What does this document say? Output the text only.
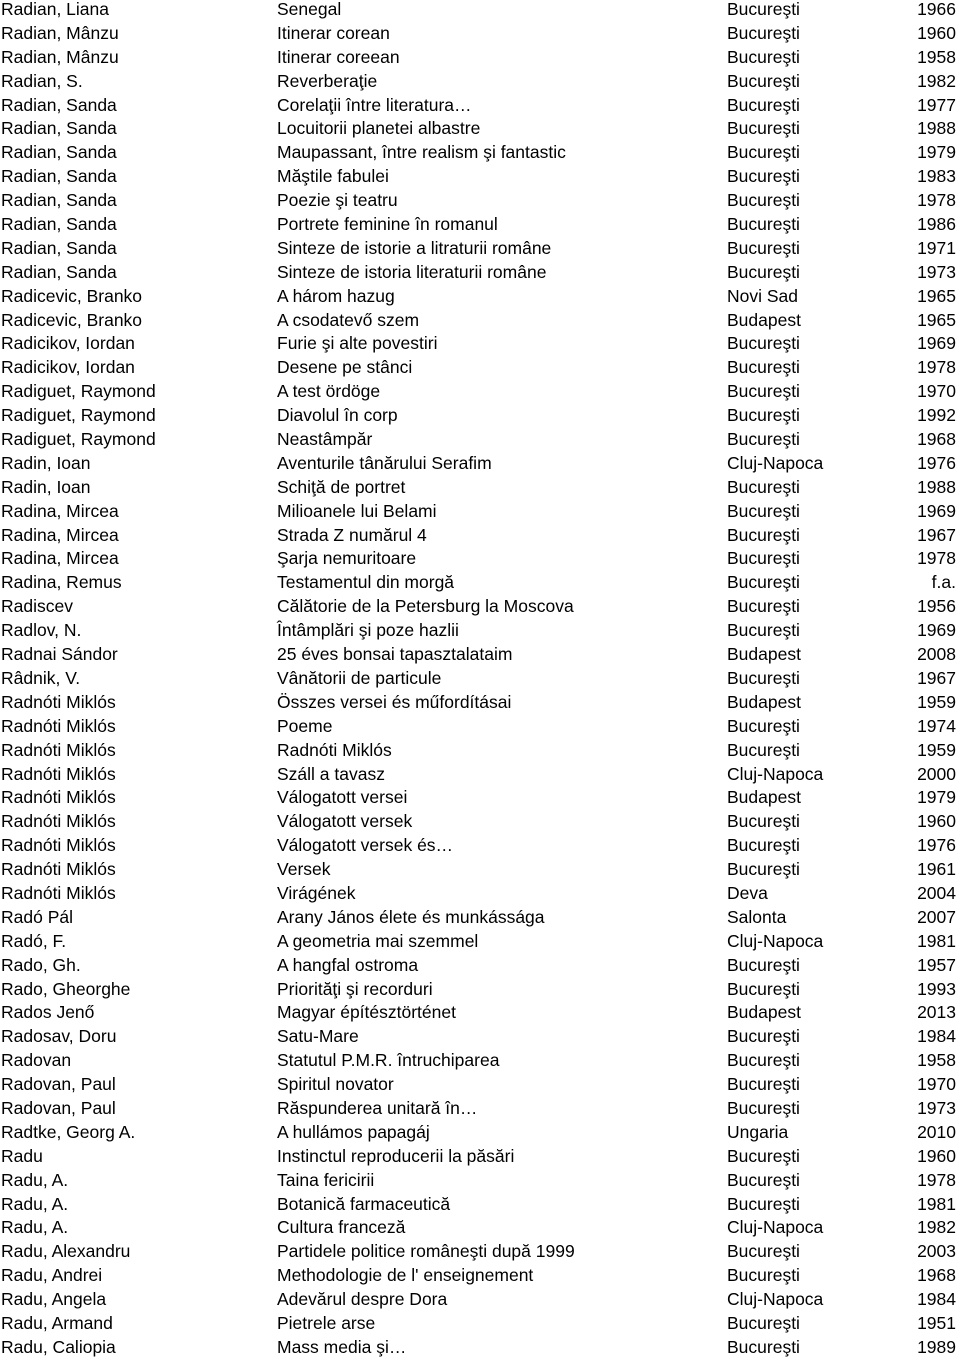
Radian, Liana	Senegal	Bucureşti	1966
Radian, Mânzu	Itinerar corean	Bucureşti	1960
Radian, Mânzu	Itinerar coreean	Bucureşti	1958
Radian, S.	Reverberaţie	Bucureşti	1982
Radian, Sanda	Corelaţii între literatura…	Bucureşti	1977
Radian, Sanda	Locuitorii planetei albastre	Bucureşti	1988
Radian, Sanda	Maupassant, între realism şi fantastic	Bucureşti	1979
Radian, Sanda	Măştile fabulei	Bucureşti	1983
Radian, Sanda	Poezie şi teatru	Bucureşti	1978
Radian, Sanda	Portrete feminine în romanul	Bucureşti	1986
Radian, Sanda	Sinteze de istorie a litraturii române	Bucureşti	1971
Radian, Sanda	Sinteze de istoria literaturii române	Bucureşti	1973
Radicevic, Branko	A három hazug	Novi Sad	1965
Radicevic, Branko	A csodatevő szem	Budapest	1965
Radicikov, Iordan	Furie şi alte povestiri	Bucureşti	1969
Radicikov, Iordan	Desene pe stânci	Bucureşti	1978
Radiguet, Raymond	A test ördöge	Bucureşti	1970
Radiguet, Raymond	Diavolul în corp	Bucureşti	1992
Radiguet, Raymond	Neastâmpăr	Bucureşti	1968
Radin, Ioan	Aventurile tânărului Serafim	Cluj-Napoca	1976
Radin, Ioan	Schiţă de portret	Bucureşti	1988
Radina, Mircea	Milioanele lui Belami	Bucureşti	1969
Radina, Mircea	Strada Z numărul 4	Bucureşti	1967
Radina, Mircea	Şarja nemuritoare	Bucureşti	1978
Radina, Remus	Testamentul din morgă	Bucureşti	f.a.
Radiscev	Călătorie de la Petersburg la Moscova	Bucureşti	1956
Radlov, N.	Întâmplări şi poze hazlii	Bucureşti	1969
Radnai Sándor	25 éves bonsai tapasztalataim	Budapest	2008
Râdnik, V.	Vânătorii de particule	Bucureşti	1967
Radnóti Miklós	Összes versei és műfordításai	Budapest	1959
Radnóti Miklós	Poeme	Bucureşti	1974
Radnóti Miklós	Radnóti Miklós	Bucureşti	1959
Radnóti Miklós	Száll a tavasz	Cluj-Napoca	2000
Radnóti Miklós	Válogatott versei	Budapest	1979
Radnóti Miklós	Válogatott versek	Bucureşti	1960
Radnóti Miklós	Válogatott versek és…	Bucureşti	1976
Radnóti Miklós	Versek	Bucureşti	1961
Radnóti Miklós	Virágének	Deva	2004
Radó Pál	Arany János élete és munkássága	Salonta	2007
Radó, F.	A geometria mai szemmel	Cluj-Napoca	1981
Rado, Gh.	A hangfal ostroma	Bucureşti	1957
Rado, Gheorghe	Priorităţi şi recorduri	Bucureşti	1993
Rados Jenő	Magyar építésztörténet	Budapest	2013
Radosav, Doru	Satu-Mare	Bucureşti	1984
Radovan	Statutul P.M.R. întruchiparea	Bucureşti	1958
Radovan, Paul	Spiritul novator	Bucureşti	1970
Radovan, Paul	Răspunderea unitară în…	Bucureşti	1973
Radtke, Georg A.	A hullámos papagáj	Ungaria	2010
Radu	Instinctul reproducerii la păsări	Bucureşti	1960
Radu, A.	Taina fericirii	Bucureşti	1978
Radu, A.	Botanică farmaceutică	Bucureşti	1981
Radu, A.	Cultura franceză	Cluj-Napoca	1982
Radu, Alexandru	Partidele politice româneşti după 1999	Bucureşti	2003
Radu, Andrei	Methodologie de l' enseignement	Bucureşti	1968
Radu, Angela	Adevărul despre Dora	Cluj-Napoca	1984
Radu, Armand	Pietrele arse	Bucureşti	1951
Radu, Caliopia	Mass media şi…	Bucureşti	1989
